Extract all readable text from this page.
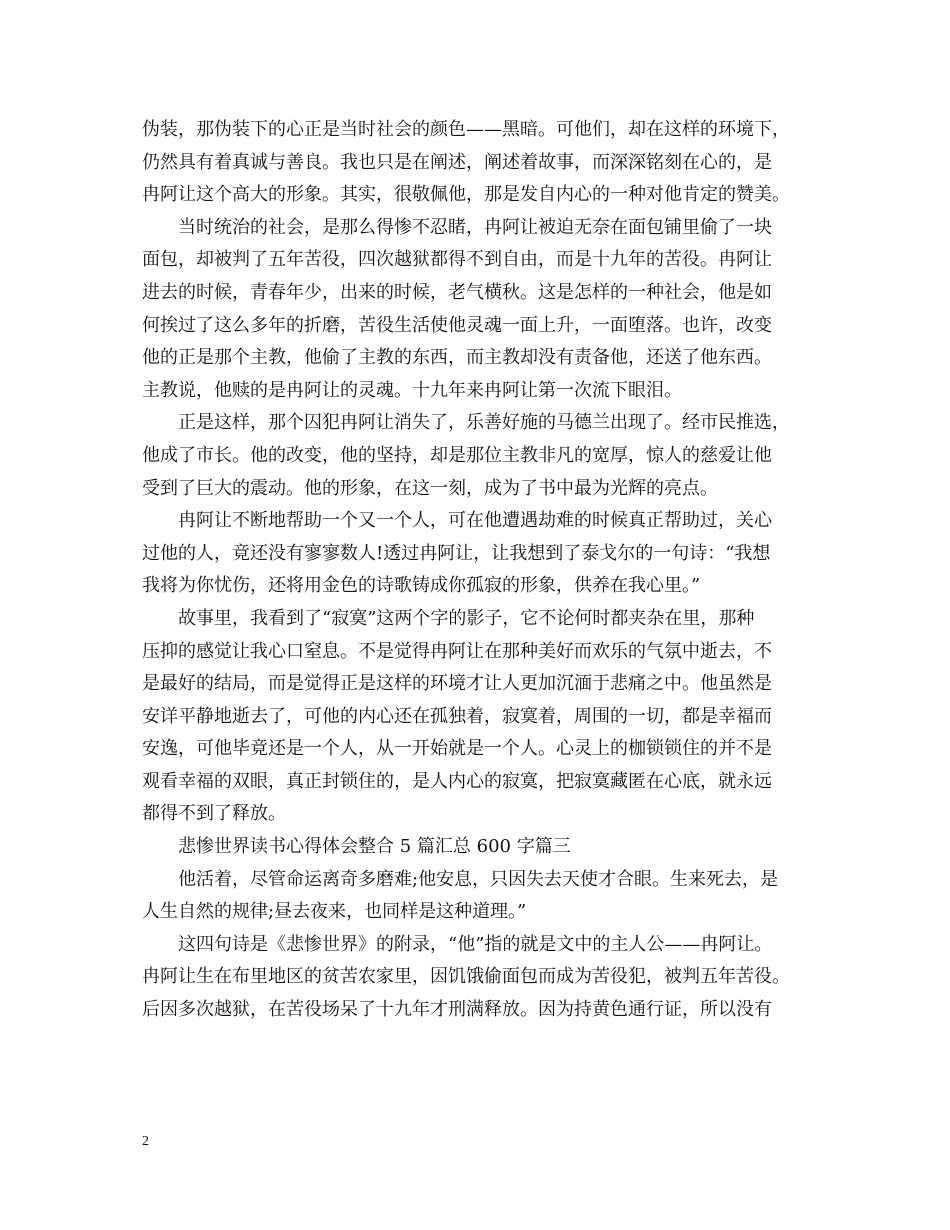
伪装，那伪装下的心正是当时社会的颜色——黑暗。可他们，却在这样的环境下，
仍然具有着真诚与善良。我也只是在阐述，阐述着故事，而深深铭刻在心的，是
冉阿让这个高大的形象。其实，很敬佩他，那是发自内心的一种对他肯定的赞美。
当时统治的社会，是那么得惨不忍睹，冉阿让被迫无奈在面包铺里偷了一块
面包，却被判了五年苦役，四次越狱都得不到自由，而是十九年的苦役。冉阿让
进去的时候，青春年少，出来的时候，老气横秋。这是怎样的一种社会，他是如
何挨过了这么多年的折磨，苦役生活使他灵魂一面上升，一面堕落。也许，改变
他的正是那个主教，他偷了主教的东西，而主教却没有责备他，还送了他东西。
主教说，他赎的是冉阿让的灵魂。十九年来冉阿让第一次流下眼泪。
正是这样，那个囚犯冉阿让消失了，乐善好施的马德兰出现了。经市民推选，
他成了市长。他的改变，他的坚持，却是那位主教非凡的宽厚，惊人的慈爱让他
受到了巨大的震动。他的形象，在这一刻，成为了书中最为光辉的亮点。
冉阿让不断地帮助一个又一个人，可在他遭遇劫难的时候真正帮助过，关心
过他的人，竟还没有寥寥数人!透过冉阿让，让我想到了泰戈尔的一句诗：“我想
我将为你忧伤，还将用金色的诗歌铸成你孤寂的形象，供养在我心里。”
故事里，我看到了“寂寞”这两个字的影子，它不论何时都夹杂在里，那种
压抑的感觉让我心口窒息。不是觉得冉阿让在那种美好而欢乐的气氛中逝去，不
是最好的结局，而是觉得正是这样的环境才让人更加沉湎于悲痛之中。他虽然是
安详平静地逝去了，可他的内心还在孤独着，寂寞着，周围的一切，都是幸福而
安逸，可他毕竟还是一个人，从一开始就是一个人。心灵上的枷锁锁住的并不是
观看幸福的双眼，真正封锁住的，是人内心的寂寞，把寂寞藏匿在心底，就永远
都得不到了释放。
悲惨世界读书心得体会整合 5 篇汇总 600 字篇三
他活着，尽管命运离奇多磨难;他安息，只因失去天使才合眼。生来死去，是
人生自然的规律;昼去夜来，也同样是这种道理。”
这四句诗是《悲惨世界》的附录，“他”指的就是文中的主人公——冉阿让。
冉阿让生在布里地区的贫苦农家里，因饥饿偷面包而成为苦役犯，被判五年苦役。
后因多次越狱，在苦役场呆了十九年才刑满释放。因为持黄色通行证，所以没有
2
